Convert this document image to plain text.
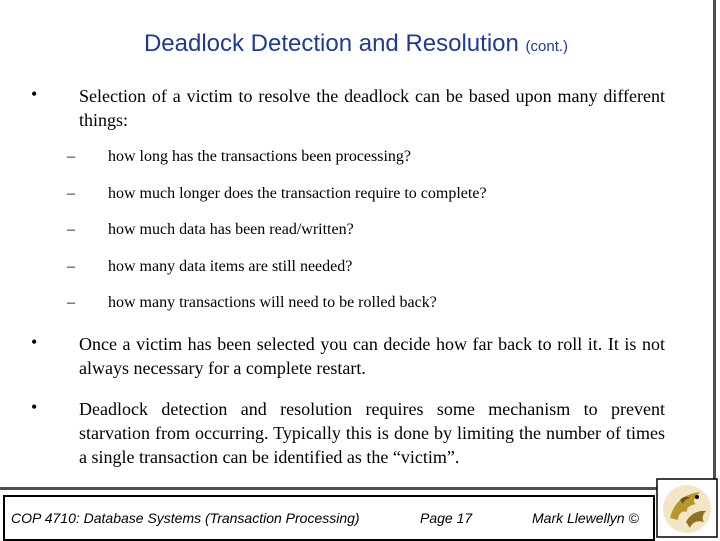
Deadlock Detection and Resolution (cont.)
• Selection of a victim to resolve the deadlock can be based upon many different things:
– how long has the transactions been processing?
– how much longer does the transaction require to complete?
– how much data has been read/written?
– how many data items are still needed?
– how many transactions will need to be rolled back?
• Once a victim has been selected you can decide how far back to roll it. It is not always necessary for a complete restart.
• Deadlock detection and resolution requires some mechanism to prevent starvation from occurring. Typically this is done by limiting the number of times a single transaction can be identified as the “victim”.
COP 4710: Database Systems (Transaction Processing)	Page 17	Mark Llewellyn ©
